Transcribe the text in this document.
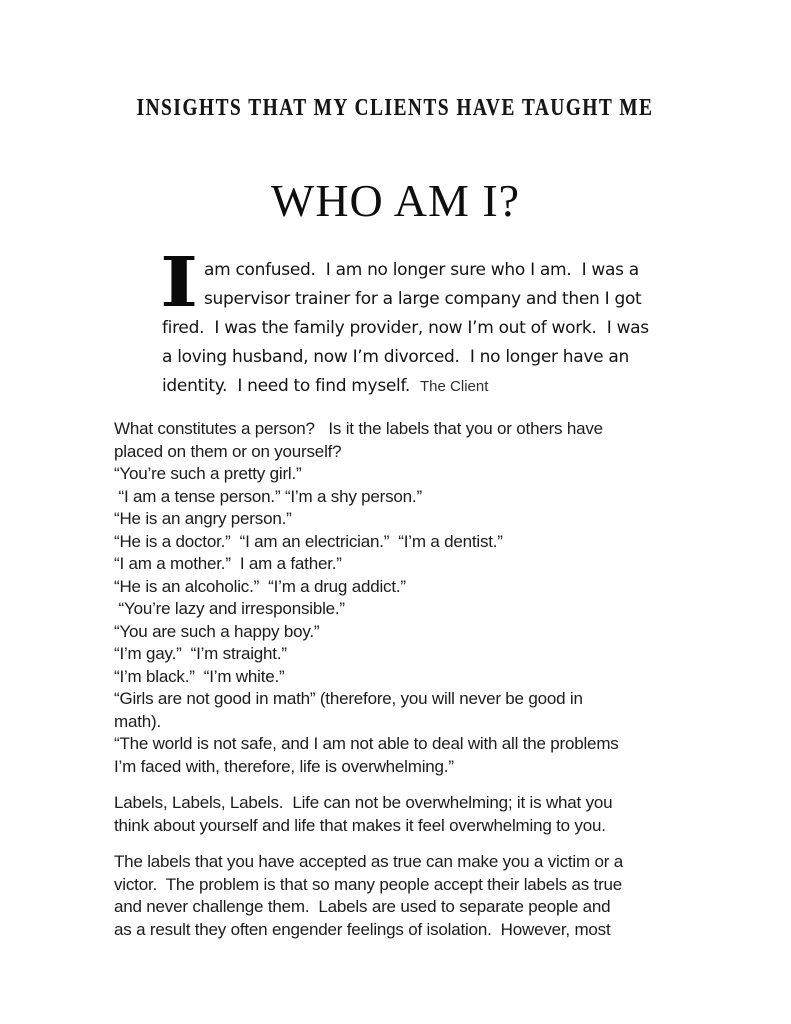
INSIGHTS THAT MY CLIENTS HAVE TAUGHT ME
WHO AM I?
I am confused.  I am no longer sure who I am.  I was a
supervisor trainer for a large company and then I got
fired.  I was the family provider, now I’m out of work.  I was
a loving husband, now I’m divorced.  I no longer have an
identity.  I need to find myself. The Client
What constitutes a person?   Is it the labels that you or others have
placed on them or on yourself?
“You’re such a pretty girl.”
“I am a tense person.” “I’m a shy person.”
“He is an angry person.”
“He is a doctor.”  “I am an electrician.”  “I’m a dentist.”
“I am a mother.”  I am a father.”
“He is an alcoholic.”  “I’m a drug addict.”
“You’re lazy and irresponsible.”
“You are such a happy boy.”
“I’m gay.”  “I’m straight.”
“I’m black.”  “I’m white.”
“Girls are not good in math” (therefore, you will never be good in
math).
“The world is not safe, and I am not able to deal with all the problems
I’m faced with, therefore, life is overwhelming.”
Labels, Labels, Labels.  Life can not be overwhelming; it is what you
think about yourself and life that makes it feel overwhelming to you.
The labels that you have accepted as true can make you a victim or a
victor.  The problem is that so many people accept their labels as true
and never challenge them.  Labels are used to separate people and
as a result they often engender feelings of isolation.  However, most
